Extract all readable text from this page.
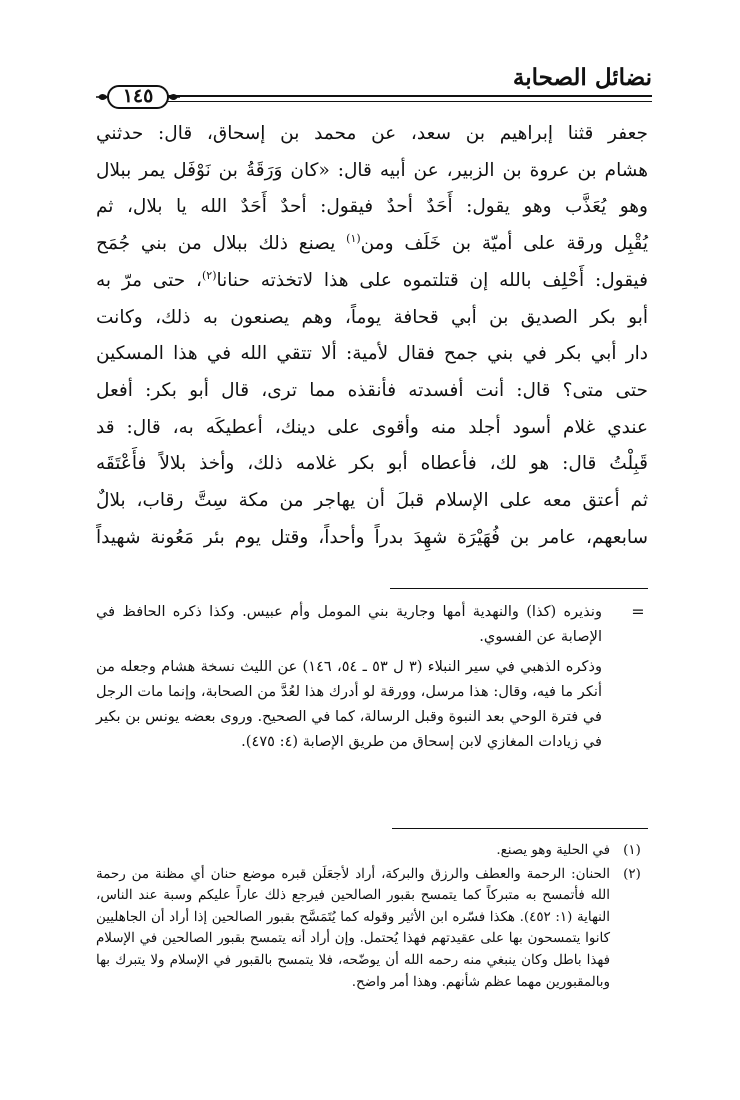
نضائل الصحابة
١٤٥

جعفر قثنا إبراهيم بن سعد، عن محمد بن إسحاق، قال: حدثني

هشام بن عروة بن الزبير، عن أبيه قال: «كان وَرَقَةُ بن نَوْفَل يمر ببلال

وهو يُعَذَّب وهو يقول: أَحَدٌ أحدٌ فيقول: أحدٌ أَحَدٌ الله يا بلال، ثم

يُقْبِل ورقة على أميّة بن خَلَف ومن$^{(١)}$ يصنع ذلك ببلال من بني جُمَح

فيقول: أَحْلِف بالله إن قتلتموه على هذا لاتخذته حنانا$^{(٢)}$، حتى مرّ به

أبو بكر الصديق بن أبي قحافة يوماً، وهم يصنعون به ذلك، وكانت

دار أبي بكر في بني جمح فقال لأمية: ألا تتقي الله في هذا المسكين

حتى متى؟ قال: أنت أفسدته فأنقذه مما ترى، قال أبو بكر: أفعل

عندي غلام أسود أجلد منه وأقوى على دينك، أعطيكَه به، قال: قد

قَبِلْتُ قال: هو لك، فأعطاه أبو بكر غلامه ذلك، وأخذ بلالاً فأَعْتَقَه

ثم أعتق معه على الإسلام قبلَ أن يهاجر من مكة سِتَّ رقاب، بلالٌ

سابعهم، عامر بن فُهَيْرَة شهِدَ بدراً وأحداً، وقتل يوم بئر مَعُونة شهيداً

=

ونذيره (كذا) والنهدية أمها وجارية بني المومل وأم عبيس. وكذا ذكره الحافظ في الإصابة عن الفسوي.

وذكره الذهبي في سير النبلاء (٣ ل ٥٣ ـ ٥٤، ١٤٦) عن الليث نسخة هشام وجعله من أنكر ما فيه، وقال: هذا مرسل، وورقة لو أدرك هذا لعُدَّ من الصحابة، وإنما مات الرجل في فترة الوحي بعد النبوة وقبل الرسالة، كما في الصحيح. وروى بعضه يونس بن بكير في زيادات المغازي لابن إسحاق من طريق الإصابة (٤: ٤٧٥).

(١)
في الحلية وهو يصنع.
(٢)
الحنان: الرحمة والعطف والرزق والبركة، أراد لأجعَلَن قبره موضع حنان أي مظنة من رحمة الله فأتمسح به متبركاً كما يتمسح بقبور الصالحين فيرجع ذلك عاراً عليكم وسبة عند الناس، النهاية (١: ٤٥٢). هكذا فسّره ابن الأثير وقوله كما يُتَمَسَّح بقبور الصالحين إذا أراد أن الجاهليين كانوا يتمسحون بها على عقيدتهم فهذا يُحتمل. وإن أراد أنه يتمسح بقبور الصالحين في الإسلام فهذا باطل وكان ينبغي منه رحمه الله أن يوضّحه، فلا يتمسح بالقبور في الإسلام ولا يتبرك بها وبالمقبورين مهما عظم شأنهم. وهذا أمر واضح.
